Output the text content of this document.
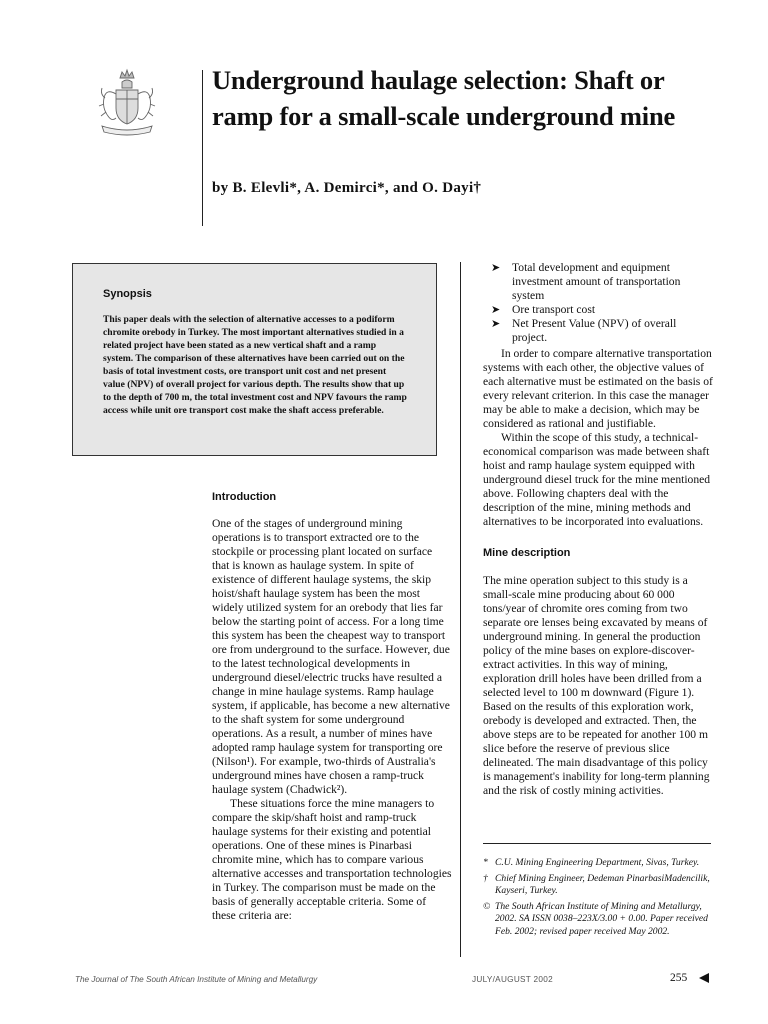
Underground haulage selection: Shaft or ramp for a small-scale underground mine

by B. Elevli*, A. Demirci*, and O. Dayi†

Synopsis

This paper deals with the selection of alternative accesses to a podiform chromite orebody in Turkey. The most important alternatives studied in a related project have been stated as a new vertical shaft and a ramp system. The comparison of these alternatives have been carried out on the basis of total investment costs, ore transport unit cost and net present value (NPV) of overall project for various depth. The results show that up to the depth of 700 m, the total investment cost and NPV favours the ramp access while unit ore transport cost make the shaft access preferable.

Introduction

One of the stages of underground mining operations is to transport extracted ore to the stockpile or processing plant located on surface that is known as haulage system. In spite of existence of different haulage systems, the skip hoist/shaft haulage system has been the most widely utilized system for an orebody that lies far below the starting point of access. For a long time this system has been the cheapest way to transport ore from underground to the surface. However, due to the latest technological developments in underground diesel/electric trucks have resulted a change in mine haulage systems. Ramp haulage system, if applicable, has become a new alternative to the shaft system for some underground operations. As a result, a number of mines have adopted ramp haulage system for transporting ore (Nilson¹). For example, two-thirds of Australia's underground mines have chosen a ramp-truck haulage system (Chadwick²).

These situations force the mine managers to compare the skip/shaft hoist and ramp-truck haulage systems for their existing and potential operations. One of these mines is Pinarbasi chromite mine, which has to compare various alternative accesses and transportation technologies in Turkey. The comparison must be made on the basis of generally acceptable criteria. Some of these criteria are:

➤ Total development and equipment investment amount of transportation system
➤ Ore transport cost
➤ Net Present Value (NPV) of overall project.

In order to compare alternative transportation systems with each other, the objective values of each alternative must be estimated on the basis of every relevant criterion. In this case the manager may be able to make a decision, which may be considered as rational and justifiable.

Within the scope of this study, a technical-economical comparison was made between shaft hoist and ramp haulage system equipped with underground diesel truck for the mine mentioned above. Following chapters deal with the description of the mine, mining methods and alternatives to be incorporated into evaluations.

Mine description

The mine operation subject to this study is a small-scale mine producing about 60 000 tons/year of chromite ores coming from two separate ore lenses being excavated by means of underground mining. In general the production policy of the mine bases on explore-discover-extract activities. In this way of mining, exploration drill holes have been drilled from a selected level to 100 m downward (Figure 1). Based on the results of this exploration work, orebody is developed and extracted. Then, the above steps are to be repeated for another 100 m slice before the reserve of previous slice delineated. The main disadvantage of this policy is management's inability for long-term planning and the risk of costly mining activities.

* C.U. Mining Engineering Department, Sivas, Turkey.

† Chief Mining Engineer, Dedeman PinarbasiMadencilik, Kayseri, Turkey.

© The South African Institute of Mining and Metallurgy, 2002. SA ISSN 0038–223X/3.00 + 0.00. Paper received Feb. 2002; revised paper received May 2002.

The Journal of The South African Institute of Mining and Metallurgy	JULY/AUGUST 2002	255
